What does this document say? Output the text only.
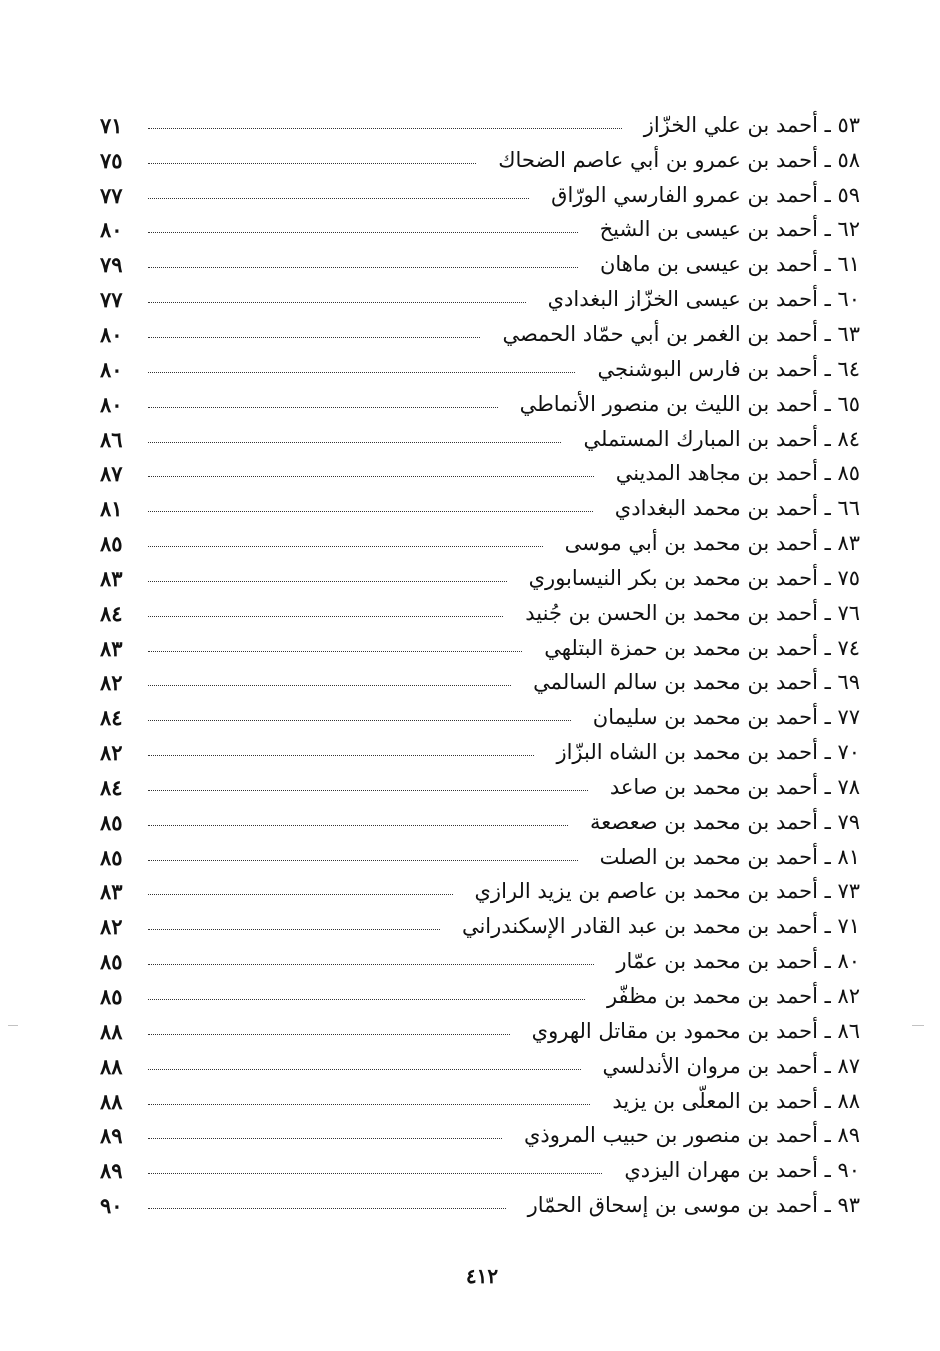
٥٣ ـ أحمد بن علي الخزّاز
٧١
٥٨ ـ أحمد بن عمرو بن أبي عاصم الضحاك
٧٥
٥٩ ـ أحمد بن عمرو الفارسي الورّاق
٧٧
٦٢ ـ أحمد بن عيسى بن الشيخ
٨٠
٦١ ـ أحمد بن عيسى بن ماهان
٧٩
٦٠ ـ أحمد بن عيسى الخزّاز البغدادي
٧٧
٦٣ ـ أحمد بن الغمر بن أبي حمّاد الحمصي
٨٠
٦٤ ـ أحمد بن فارس البوشنجي
٨٠
٦٥ ـ أحمد بن الليث بن منصور الأنماطي
٨٠
٨٤ ـ أحمد بن المبارك المستملي
٨٦
٨٥ ـ أحمد بن مجاهد المديني
٨٧
٦٦ ـ أحمد بن محمد البغدادي
٨١
٨٣ ـ أحمد بن محمد بن أبي موسى
٨٥
٧٥ ـ أحمد بن محمد بن بكر النيسابوري
٨٣
٧٦ ـ أحمد بن محمد بن الحسن بن جُنيد
٨٤
٧٤ ـ أحمد بن محمد بن حمزة البتلهي
٨٣
٦٩ ـ أحمد بن محمد بن سالم السالمي
٨٢
٧٧ ـ أحمد بن محمد بن سليمان
٨٤
٧٠ ـ أحمد بن محمد بن الشاه البزّاز
٨٢
٧٨ ـ أحمد بن محمد بن صاعد
٨٤
٧٩ ـ أحمد بن محمد بن صعصعة
٨٥
٨١ ـ أحمد بن محمد بن الصلت
٨٥
٧٣ ـ أحمد بن محمد بن عاصم بن يزيد الرازي
٨٣
٧١ ـ أحمد بن محمد بن عبد القادر الإسكندراني
٨٢
٨٠ ـ أحمد بن محمد بن عمّار
٨٥
٨٢ ـ أحمد بن محمد بن مظفّر
٨٥
٨٦ ـ أحمد بن محمود بن مقاتل الهروي
٨٨
٨٧ ـ أحمد بن مروان الأندلسي
٨٨
٨٨ ـ أحمد بن المعلّى بن يزيد
٨٨
٨٩ ـ أحمد بن منصور بن حبيب المروذي
٨٩
٩٠ ـ أحمد بن مهران اليزدي
٨٩
٩٣ ـ أحمد بن موسى بن إسحاق الحمّار
٩٠
٤١٢
